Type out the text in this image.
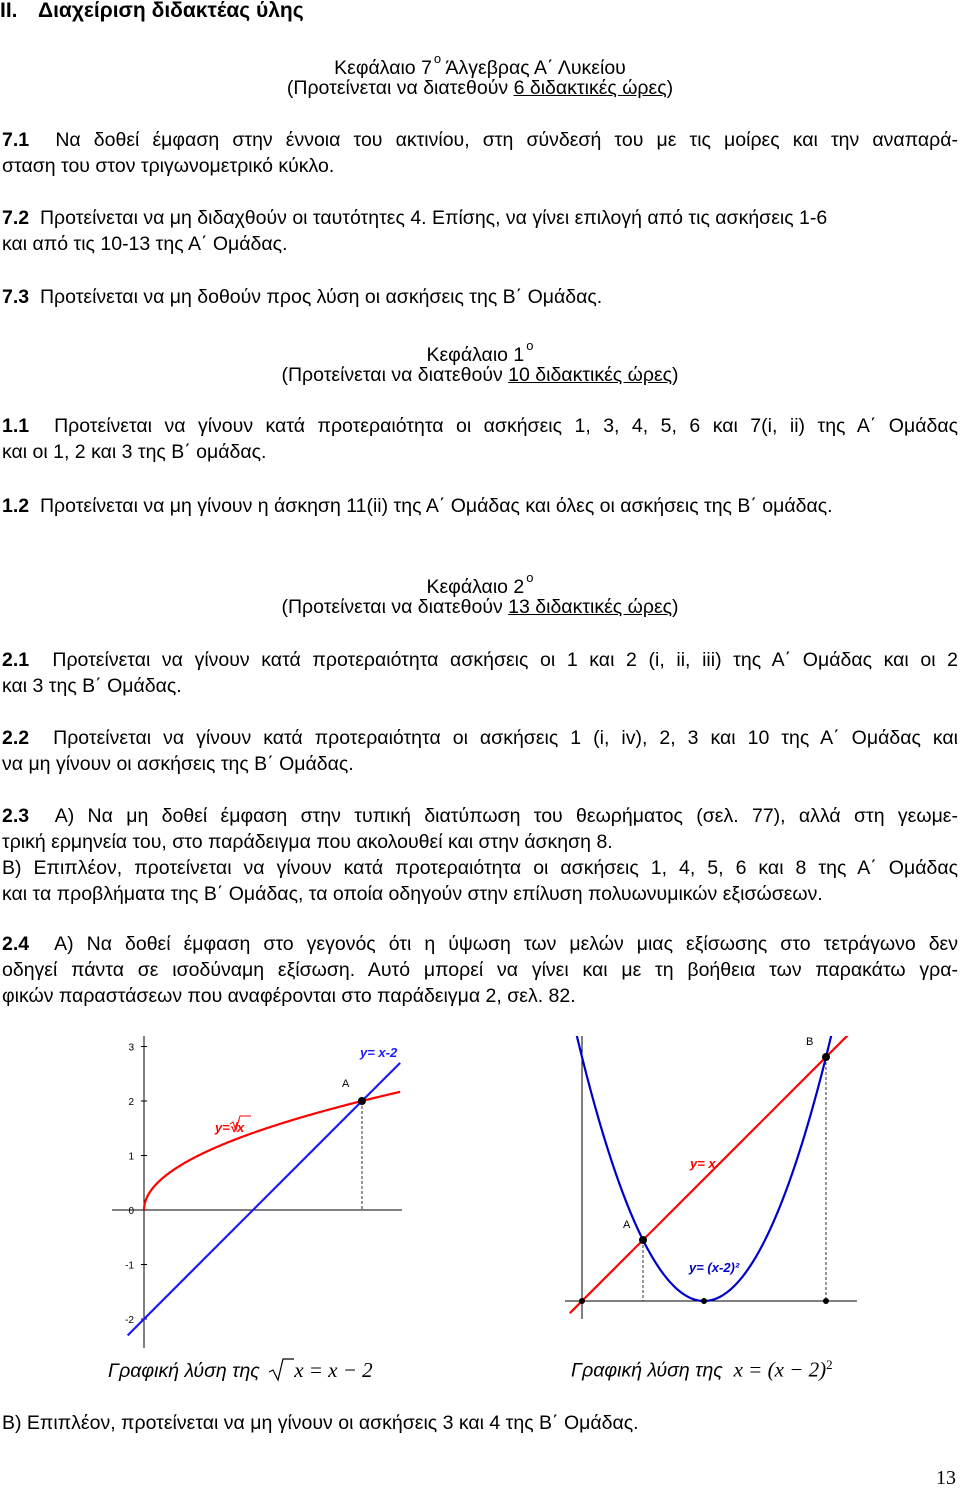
II. Διαχείριση διδακτέας ύλης
Κεφάλαιο 7 $^o$ Άλγεβρας Α΄ Λυκείου
(Προτείνεται να διατεθούν 6 διδακτικές ώρες)
7.1 Να δοθεί έμφαση στην έννοια του ακτινίου, στη σύνδεσή του με τις μοίρες και την αναπαρά-
σταση του στον τριγωνομετρικό κύκλο.
7.2 Προτείνεται να μη διδαχθούν οι ταυτότητες 4. Επίσης, να γίνει επιλογή από τις ασκήσεις 1-6
και από τις 10-13 της Α΄ Ομάδας.
7.3 Προτείνεται να μη δοθούν προς λύση οι ασκήσεις της Β΄ Ομάδας.
Κεφάλαιο 1 $^o$
(Προτείνεται να διατεθούν 10 διδακτικές ώρες)
1.1 Προτείνεται να γίνουν κατά προτεραιότητα οι ασκήσεις 1, 3, 4, 5, 6 και 7(i, ii) της Α΄ Ομάδας
και οι 1, 2 και 3 της Β΄ ομάδας.
1.2 Προτείνεται να μη γίνουν η άσκηση 11(ii) της Α΄ Ομάδας και όλες οι ασκήσεις της Β΄ ομάδας.
Κεφάλαιο 2 $^o$
(Προτείνεται να διατεθούν 13 διδακτικές ώρες)
2.1 Προτείνεται να γίνουν κατά προτεραιότητα ασκήσεις οι 1 και 2 (i, ii, iii) της Α΄ Ομάδας και οι 2
και 3 της Β΄ Ομάδας.
2.2 Προτείνεται να γίνουν κατά προτεραιότητα οι ασκήσεις 1 (i, iv), 2, 3 και 10 της Α΄ Ομάδας και
να μη γίνουν οι ασκήσεις της Β΄ Ομάδας.
2.3 Α) Να μη δοθεί έμφαση στην τυπική διατύπωση του θεωρήματος (σελ. 77), αλλά στη γεωμε-
τρική ερμηνεία του, στο παράδειγμα που ακολουθεί και στην άσκηση 8.
Β) Επιπλέον, προτείνεται να γίνουν κατά προτεραιότητα οι ασκήσεις 1, 4, 5, 6 και 8 της Α΄ Ομάδας
και τα προβλήματα της Β΄ Ομάδας, τα οποία οδηγούν στην επίλυση πολυωνυμικών εξισώσεων.
2.4 Α) Να δοθεί έμφαση στο γεγονός ότι η ύψωση των μελών μιας εξίσωσης στο τετράγωνο δεν
οδηγεί πάντα σε ισοδύναμη εξίσωση. Αυτό μπορεί να γίνει και με τη βοήθεια των παρακάτω γρα-
φικών παραστάσεων που αναφέρονται στο παράδειγμα 2, σελ. 82.
3
2
1
0
-1
-2
A
y= x-2
y=√x
A
B
y= x
y= (x-2)²
Γραφική λύση της x = x − 2	Γραφική λύση της $x = (x - 2)^2$
Β) Επιπλέον, προτείνεται να μη γίνουν οι ασκήσεις 3 και 4 της Β΄ Ομάδας.
13
